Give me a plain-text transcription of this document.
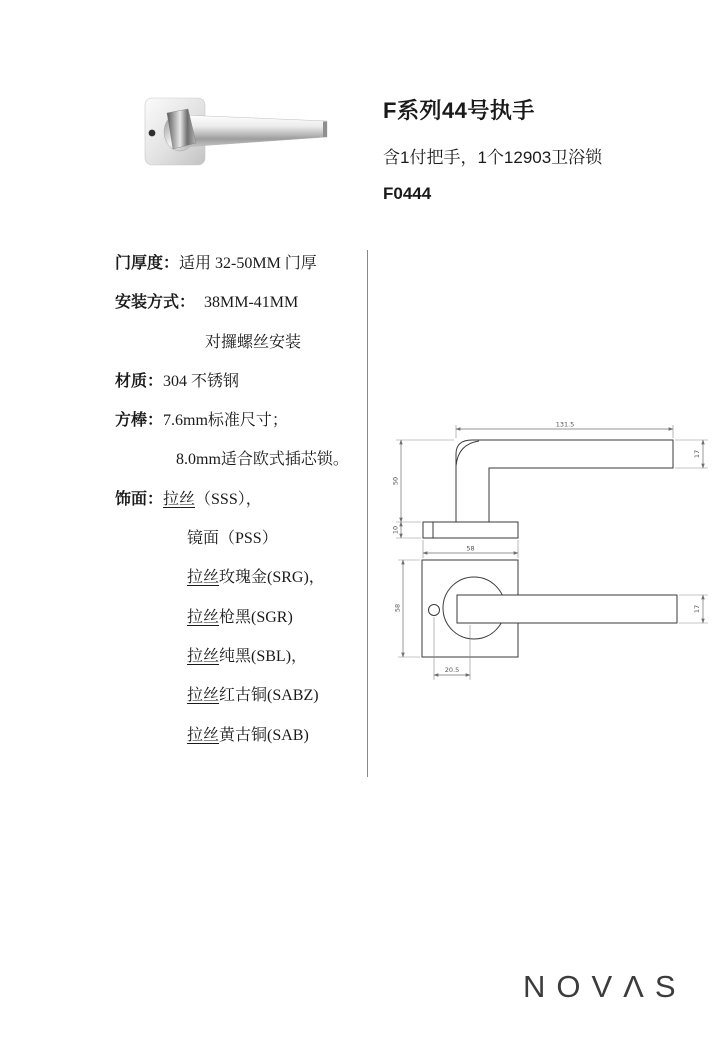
F系列44号执手

含1付把手，1个12903卫浴锁

F0444

门厚度：适用 32-50MM 门厚
安装方式： 38MM-41MM
对攞螺丝安装
材质：304 不锈钢
方棒：7.6mm标准尺寸；
8.0mm适合欧式插芯锁。
饰面：拉丝（SSS），
镜面（PSS）
拉丝玫瑰金(SRG)，
拉丝枪黑(SGR)
拉丝纯黑(SBL)，
拉丝红古铜(SABZ)
拉丝黄古铜(SAB)
131.5
17
50
10
58
17
58
20.5
NOVΛS
